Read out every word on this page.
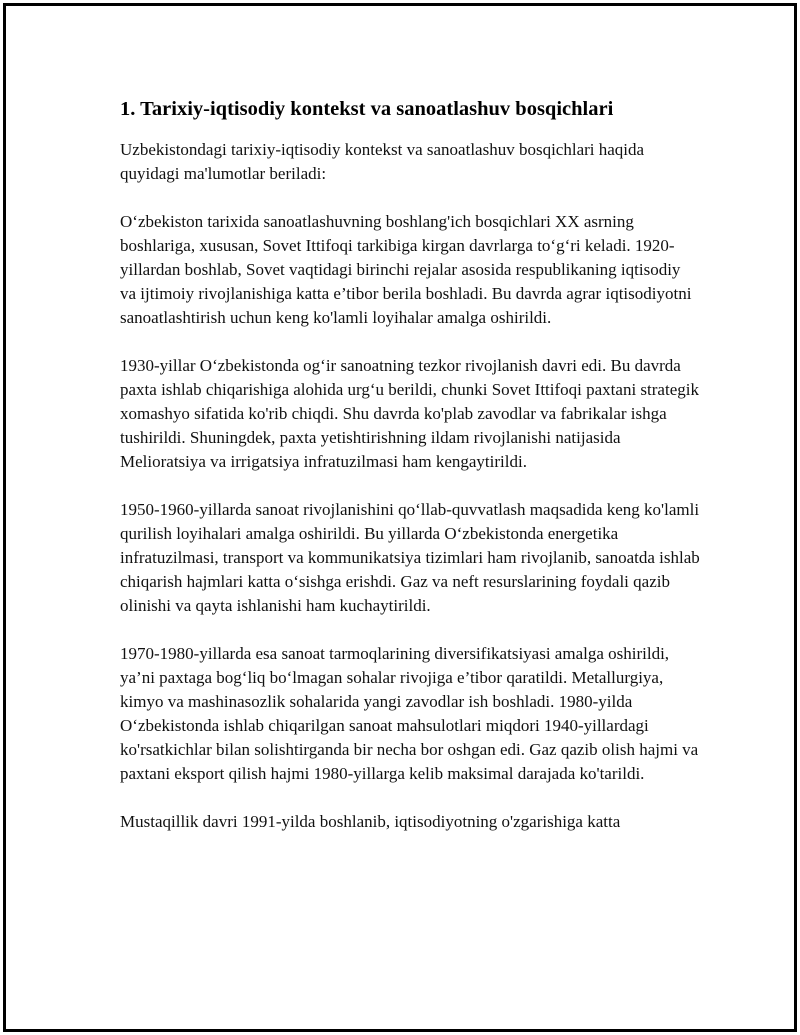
1. Tarixiy-iqtisodiy kontekst va sanoatlashuv bosqichlari

Uzbekistondagi tarixiy-iqtisodiy kontekst va sanoatlashuv bosqichlari haqida quyidagi ma'lumotlar beriladi:

O‘zbekiston tarixida sanoatlashuvning boshlang'ich bosqichlari XX asrning boshlariga, xususan, Sovet Ittifoqi tarkibiga kirgan davrlarga to‘g‘ri keladi. 1920-yillardan boshlab, Sovet vaqtidagi birinchi rejalar asosida respublikaning iqtisodiy va ijtimoiy rivojlanishiga katta e’tibor berila boshladi. Bu davrda agrar iqtisodiyotni sanoatlashtirish uchun keng ko'lamli loyihalar amalga oshirildi.

1930-yillar O‘zbekistonda og‘ir sanoatning tezkor rivojlanish davri edi. Bu davrda paxta ishlab chiqarishiga alohida urg‘u berildi, chunki Sovet Ittifoqi paxtani strategik xomashyo sifatida ko'rib chiqdi. Shu davrda ko'plab zavodlar va fabrikalar ishga tushirildi. Shuningdek, paxta yetishtirishning ildam rivojlanishi natijasida Melioratsiya va irrigatsiya infratuzilmasi ham kengaytirildi.

1950-1960-yillarda sanoat rivojlanishini qo‘llab-quvvatlash maqsadida keng ko'lamli qurilish loyihalari amalga oshirildi. Bu yillarda O‘zbekistonda energetika infratuzilmasi, transport va kommunikatsiya tizimlari ham rivojlanib, sanoatda ishlab chiqarish hajmlari katta o‘sishga erishdi. Gaz va neft resurslarining foydali qazib olinishi va qayta ishlanishi ham kuchaytirildi.

1970-1980-yillarda esa sanoat tarmoqlarining diversifikatsiyasi amalga oshirildi, ya’ni paxtaga bog‘liq bo‘lmagan sohalar rivojiga e’tibor qaratildi. Metallurgiya, kimyo va mashinasozlik sohalarida yangi zavodlar ish boshladi. 1980-yilda O‘zbekistonda ishlab chiqarilgan sanoat mahsulotlari miqdori 1940-yillardagi ko'rsatkichlar bilan solishtirganda bir necha bor oshgan edi. Gaz qazib olish hajmi va paxtani eksport qilish hajmi 1980-yillarga kelib maksimal darajada ko'tarildi.

Mustaqillik davri 1991-yilda boshlanib, iqtisodiyotning o'zgarishiga katta
